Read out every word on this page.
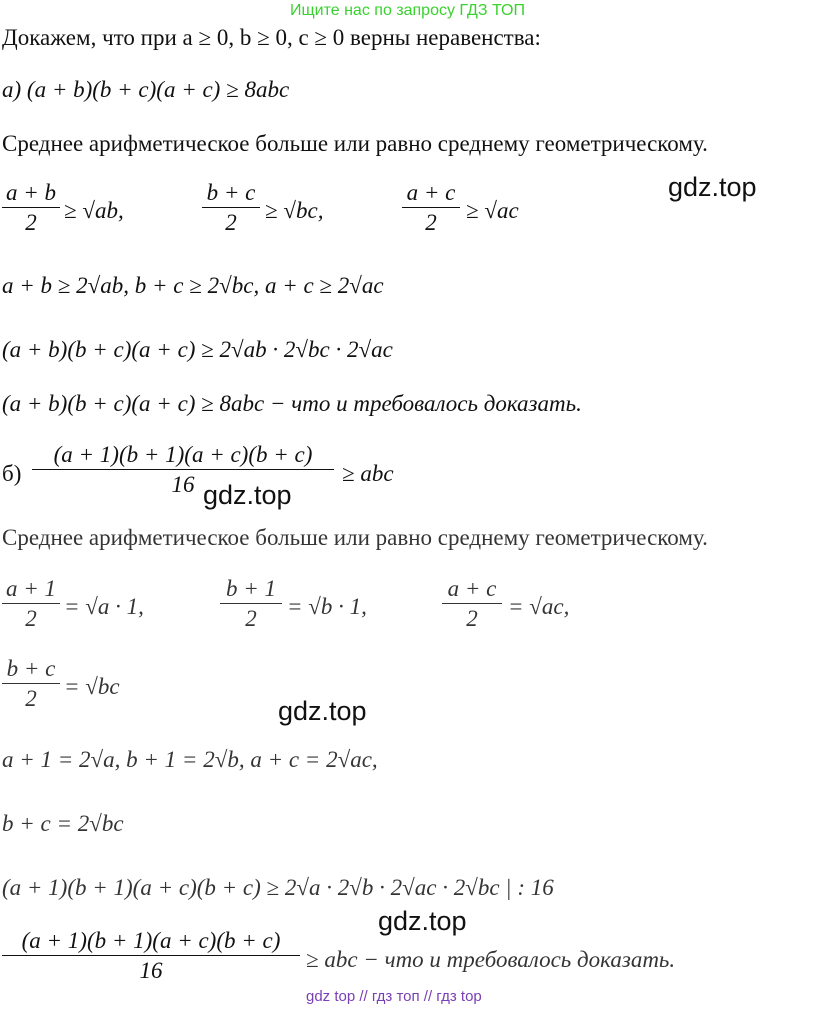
Ищите нас по запросу ГДЗ ТОП
Докажем, что при a ≥ 0, b ≥ 0, c ≥ 0 верны неравенства:
а) (a + b)(b + c)(a + c) ≥ 8abc
Среднее арифметическое больше или равно среднему геометрическому.
a + b
2	≥ √ab,
b + c
2	≥ √bc,
a + c
2	≥ √ac
gdz.top
a + b ≥ 2√ab, b + c ≥ 2√bc, a + c ≥ 2√ac
(a + b)(b + c)(a + c) ≥ 2√ab · 2√bc · 2√ac
(a + b)(b + c)(a + c) ≥ 8abc − что и требовалось доказать.
б)
(a + 1)(b + 1)(a + c)(b + c)
16	≥ abc
gdz.top
Среднее арифметическое больше или равно среднему геометрическому.
a + 1
2	= √a · 1,
b + 1
2	= √b · 1,
a + c
2	= √ac,
b + c
2	= √bc
gdz.top
a + 1 = 2√a, b + 1 = 2√b, a + c = 2√ac,
b + c = 2√bc
(a + 1)(b + 1)(a + c)(b + c) ≥ 2√a · 2√b · 2√ac · 2√bc | : 16
gdz.top
(a + 1)(b + 1)(a + c)(b + c)
16	≥ abc − что и требовалось доказать.
gdz top // гдз топ // гдз top
